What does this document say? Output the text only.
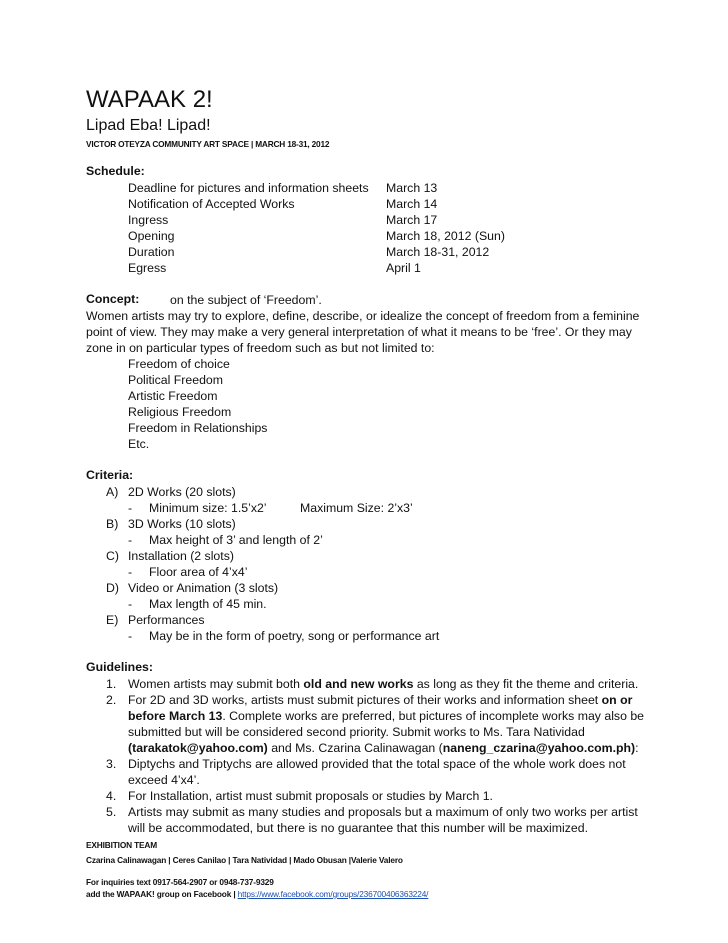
WAPAAK 2!
Lipad Eba! Lipad!
VICTOR OTEYZA COMMUNITY ART SPACE | MARCH 18-31, 2012
Schedule:
Deadline for pictures and information sheets March 13
Notification of Accepted Works	March 14
Ingress	March 17
Opening	March 18, 2012 (Sun)
Duration	March 18-31, 2012
Egress	April 1
Concept: on the subject of ‘Freedom’.
Women artists may try to explore, define, describe, or idealize the concept of freedom from a feminine
point of view. They may make a very general interpretation of what it means to be ‘free’. Or they may
zone in on particular types of freedom such as but not limited to:
Freedom of choice
Political Freedom
Artistic Freedom
Religious Freedom
Freedom in Relationships
Etc.
Criteria:
A) 2D Works (20 slots)
- Minimum size: 1.5’x2’	Maximum Size: 2’x3’
B) 3D Works (10 slots)
- Max height of 3’ and length of 2’
C) Installation (2 slots)
- Floor area of 4’x4’
D) Video or Animation (3 slots)
- Max length of 45 min.
E) Performances
- May be in the form of poetry, song or performance art
Guidelines:
1. Women artists may submit both old and new works as long as they fit the theme and criteria.
2. For 2D and 3D works, artists must submit pictures of their works and information sheet on or
before March 13. Complete works are preferred, but pictures of incomplete works may also be
submitted but will be considered second priority. Submit works to Ms. Tara Natividad
(tarakatok@yahoo.com) and Ms. Czarina Calinawagan (naneng_czarina@yahoo.com.ph):
3. Diptychs and Triptychs are allowed provided that the total space of the whole work does not
exceed 4’x4’.
4. For Installation, artist must submit proposals or studies by March 1.
5. Artists may submit as many studies and proposals but a maximum of only two works per artist
will be accommodated, but there is no guarantee that this number will be maximized.
EXHIBITION TEAM
Czarina Calinawagan | Ceres Canilao | Tara Natividad | Mado Obusan |Valerie Valero
For inquiries text 0917-564-2907 or 0948-737-9329
add the WAPAAK! group on Facebook | https://www.facebook.com/groups/236700406363224/
